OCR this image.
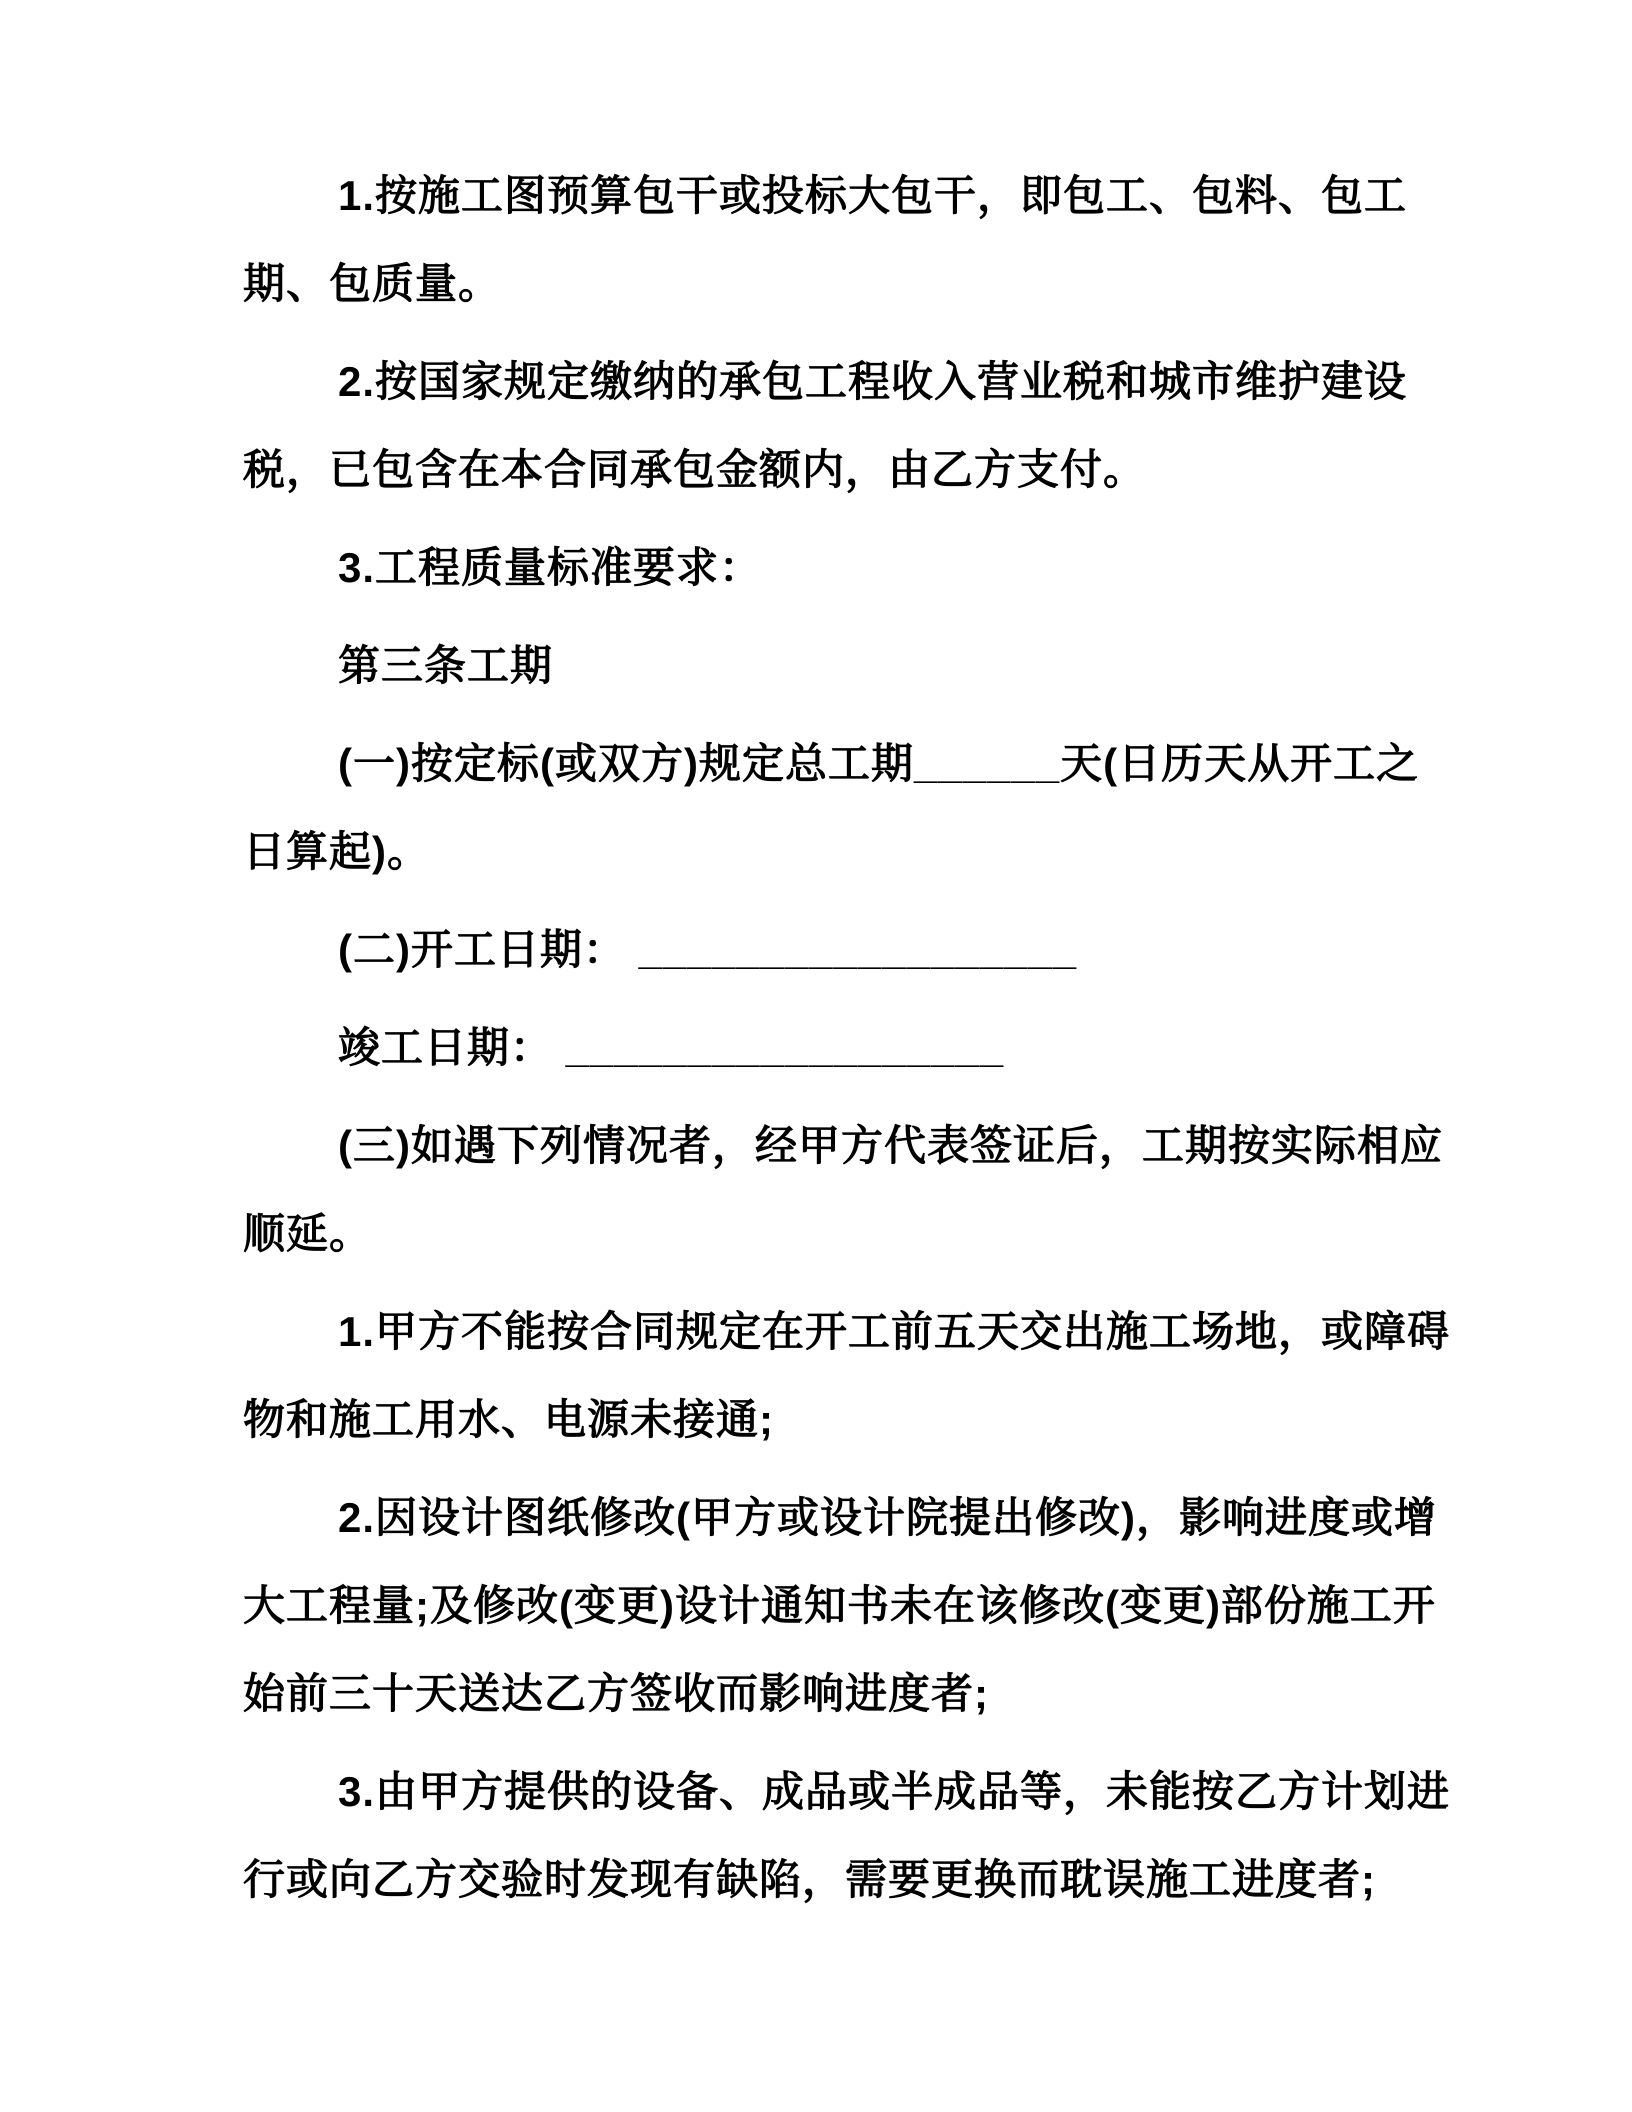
1.按施工图预算包干或投标大包干，即包工、包料、包工期、包质量。

2.按国家规定缴纳的承包工程收入营业税和城市维护建设税，已包含在本合同承包金额内，由乙方支付。

3.工程质量标准要求：

第三条工期

(一)按定标(或双方)规定总工期______天(日历天从开工之日算起)。

(二)开工日期： __________________

竣工日期： __________________

(三)如遇下列情况者，经甲方代表签证后，工期按实际相应顺延。

1.甲方不能按合同规定在开工前五天交出施工场地，或障碍物和施工用水、电源未接通;

2.因设计图纸修改(甲方或设计院提出修改)，影响进度或增大工程量;及修改(变更)设计通知书未在该修改(变更)部份施工开始前三十天送达乙方签收而影响进度者;

3.由甲方提供的设备、成品或半成品等，未能按乙方计划进行或向乙方交验时发现有缺陷，需要更换而耽误施工进度者;
